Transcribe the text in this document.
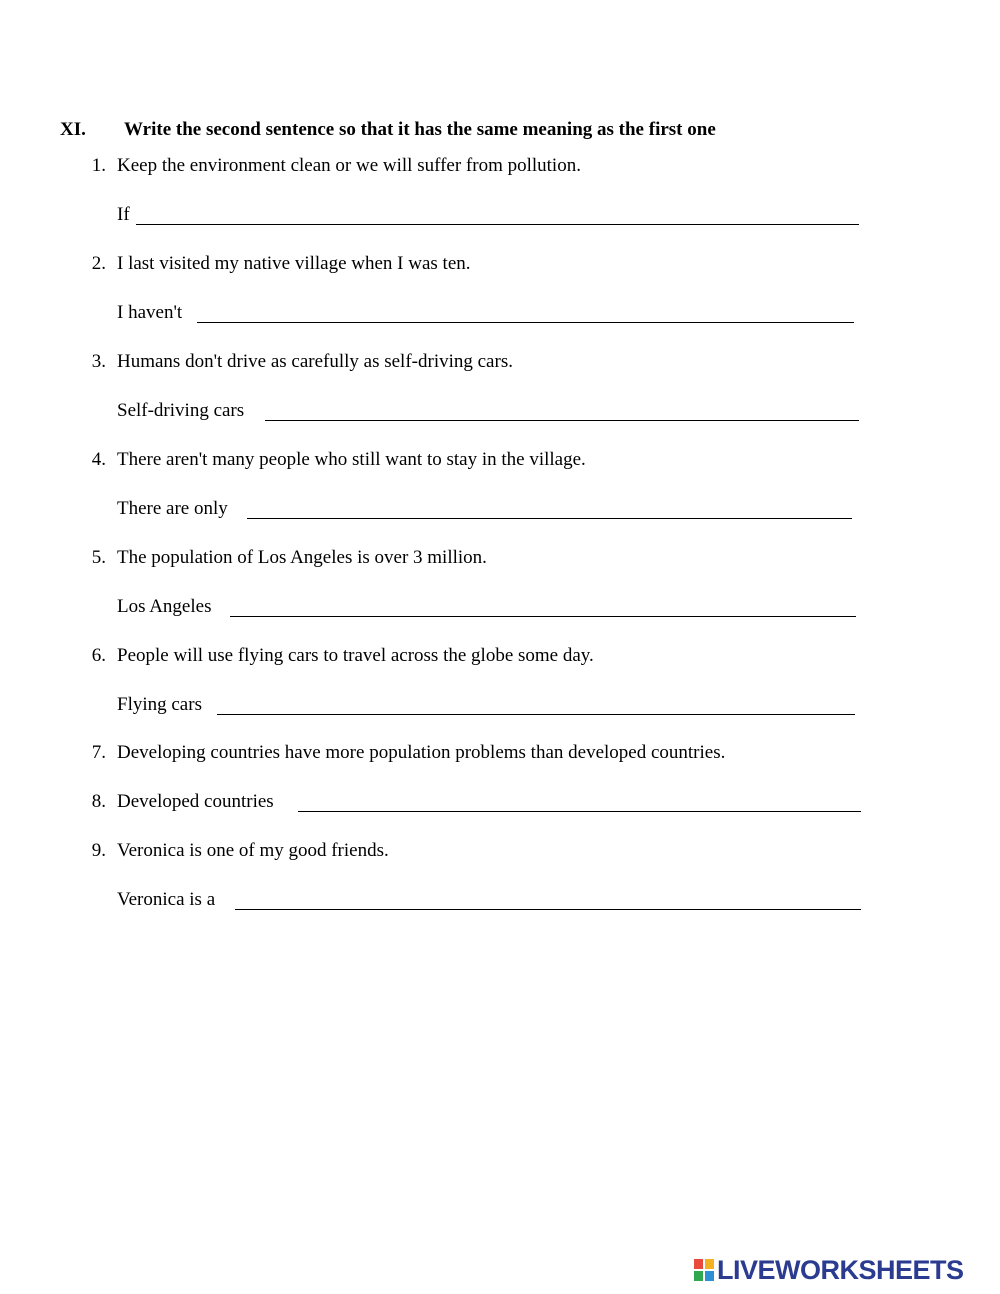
XI. Write the second sentence so that it has the same meaning as the first one
1. Keep the environment clean or we will suffer from pollution.
If
2. I last visited my native village when I was ten.
I haven't
3. Humans don't drive as carefully as self-driving cars.
Self-driving cars
4. There aren't many people who still want to stay in the village.
There are only
5. The population of Los Angeles is over 3 million.
Los Angeles
6. People will use flying cars to travel across the globe some day.
Flying cars
7. Developing countries have more population problems than developed countries.
8. Developed countries
9. Veronica is one of my good friends.
Veronica is a
LIVEWORKSHEETS
